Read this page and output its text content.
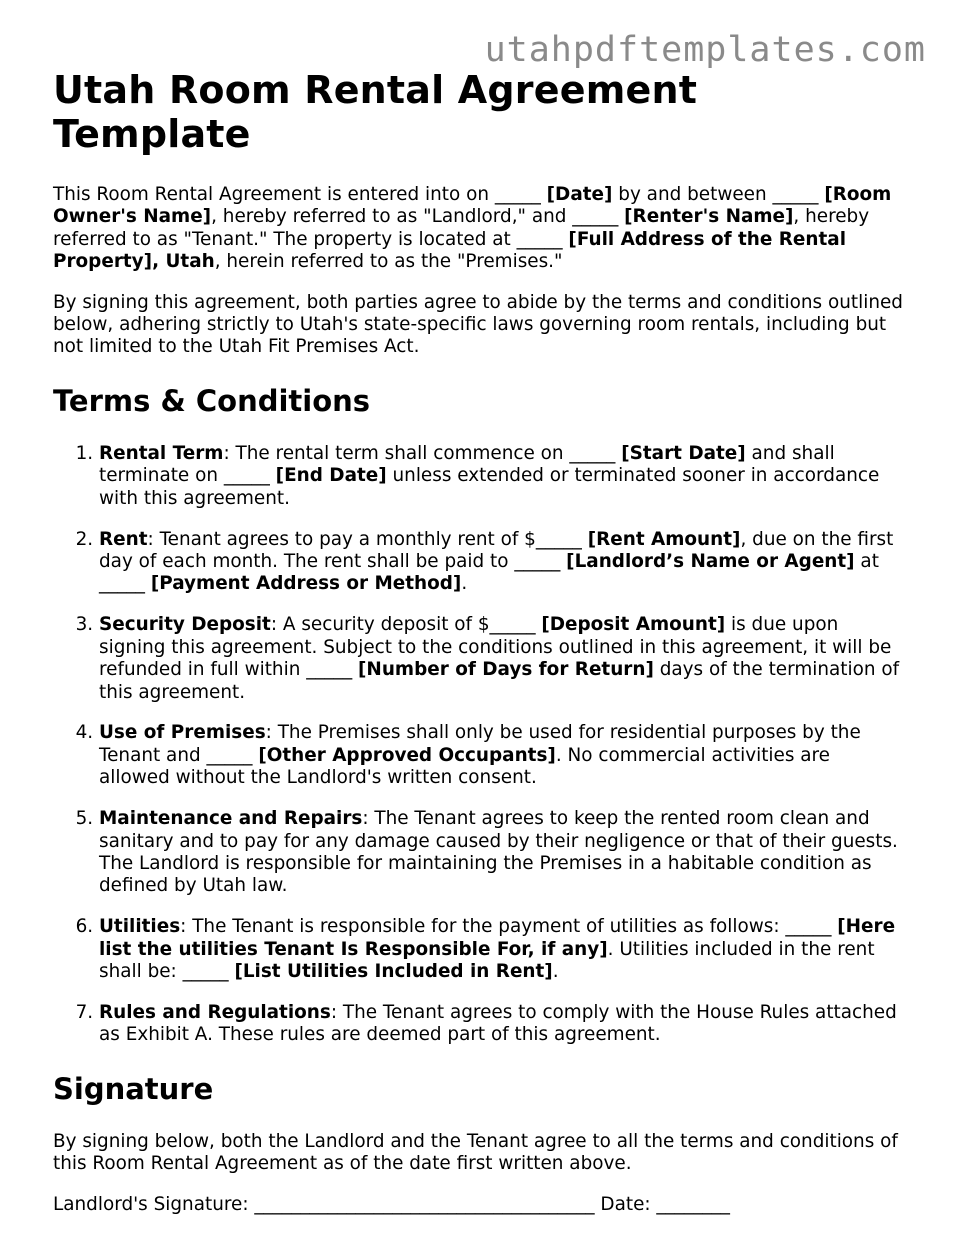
utahpdftemplates.com
Utah Room Rental Agreement Template

This Room Rental Agreement is entered into on _____ [Date] by and between _____ [Room Owner's Name], hereby referred to as "Landlord," and _____ [Renter's Name], hereby referred to as "Tenant." The property is located at _____ [Full Address of the Rental Property], Utah, herein referred to as the "Premises."

By signing this agreement, both parties agree to abide by the terms and conditions outlined below, adhering strictly to Utah's state-specific laws governing room rentals, including but not limited to the Utah Fit Premises Act.

Terms & Conditions
1. Rental Term: The rental term shall commence on _____ [Start Date] and shall terminate on _____ [End Date] unless extended or terminated sooner in accordance with this agreement.
2. Rent: Tenant agrees to pay a monthly rent of $_____ [Rent Amount], due on the first day of each month. The rent shall be paid to _____ [Landlord’s Name or Agent] at _____ [Payment Address or Method].
3. Security Deposit: A security deposit of $_____ [Deposit Amount] is due upon signing this agreement. Subject to the conditions outlined in this agreement, it will be refunded in full within _____ [Number of Days for Return] days of the termination of this agreement.
4. Use of Premises: The Premises shall only be used for residential purposes by the Tenant and _____ [Other Approved Occupants]. No commercial activities are allowed without the Landlord's written consent.
5. Maintenance and Repairs: The Tenant agrees to keep the rented room clean and sanitary and to pay for any damage caused by their negligence or that of their guests. The Landlord is responsible for maintaining the Premises in a habitable condition as defined by Utah law.
6. Utilities: The Tenant is responsible for the payment of utilities as follows: _____ [Here list the utilities Tenant Is Responsible For, if any]. Utilities included in the rent shall be: _____ [List Utilities Included in Rent].
7. Rules and Regulations: The Tenant agrees to comply with the House Rules attached as Exhibit A. These rules are deemed part of this agreement.
Signature

By signing below, both the Landlord and the Tenant agree to all the terms and conditions of this Room Rental Agreement as of the date first written above.

Landlord's Signature: _____________________________________ Date: ________
